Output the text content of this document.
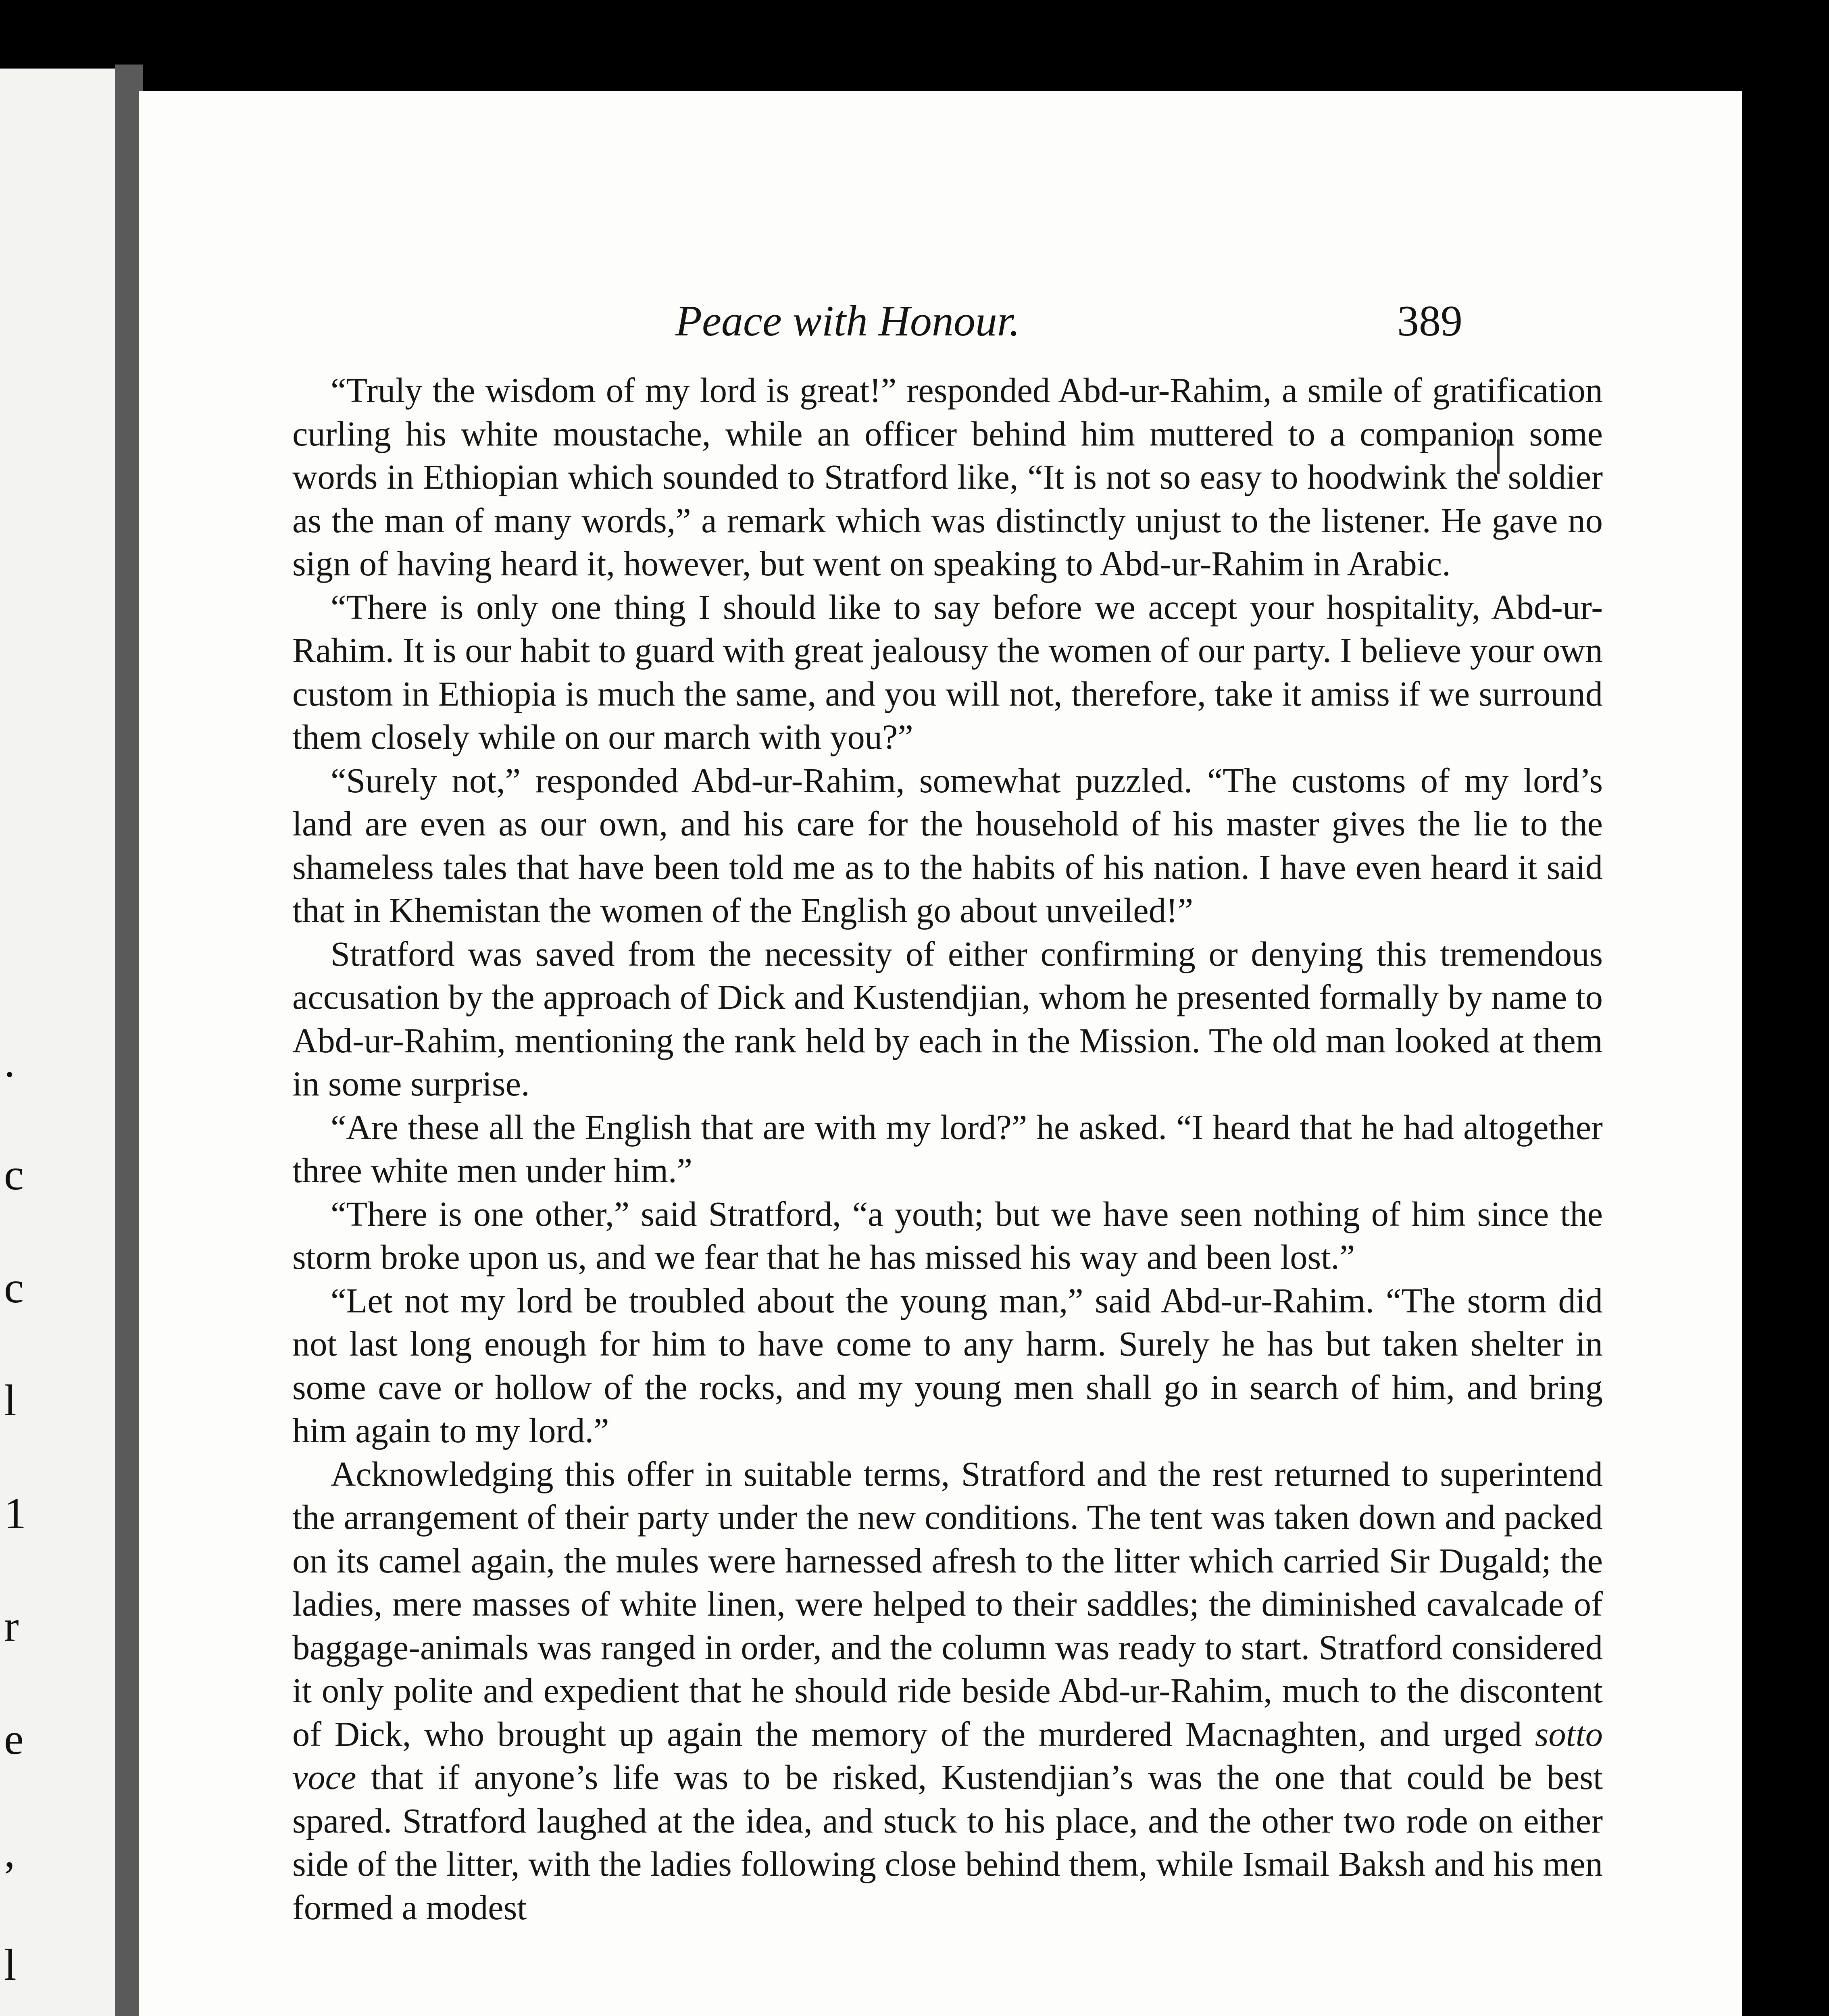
.
c
c
l
1
r
e
,
l
Peace with Honour.	389

“Truly the wisdom of my lord is great!” responded Abd-ur-Rahim, a smile of gratification curling his white moustache, while an officer behind him muttered to a companion some words in Ethiopian which sounded to Stratford like, “It is not so easy to hoodwink the soldier as the man of many words,” a remark which was distinctly unjust to the listener. He gave no sign of having heard it, however, but went on speaking to Abd-ur-Rahim in Arabic.

“There is only one thing I should like to say before we accept your hospitality, Abd-ur-Rahim. It is our habit to guard with great jealousy the women of our party. I believe your own custom in Ethiopia is much the same, and you will not, therefore, take it amiss if we surround them closely while on our march with you?”

“Surely not,” responded Abd-ur-Rahim, somewhat puzzled. “The customs of my lord’s land are even as our own, and his care for the household of his master gives the lie to the shameless tales that have been told me as to the habits of his nation. I have even heard it said that in Khemistan the women of the English go about unveiled!”

Stratford was saved from the necessity of either confirming or denying this tremendous accusation by the approach of Dick and Kustendjian, whom he presented formally by name to Abd-ur-Rahim, mentioning the rank held by each in the Mission. The old man looked at them in some surprise.

“Are these all the English that are with my lord?” he asked. “I heard that he had altogether three white men under him.”

“There is one other,” said Stratford, “a youth; but we have seen nothing of him since the storm broke upon us, and we fear that he has missed his way and been lost.”

“Let not my lord be troubled about the young man,” said Abd-ur-Rahim. “The storm did not last long enough for him to have come to any harm. Surely he has but taken shelter in some cave or hollow of the rocks, and my young men shall go in search of him, and bring him again to my lord.”

Acknowledging this offer in suitable terms, Stratford and the rest returned to superintend the arrangement of their party under the new conditions. The tent was taken down and packed on its camel again, the mules were harnessed afresh to the litter which carried Sir Dugald; the ladies, mere masses of white linen, were helped to their saddles; the diminished cavalcade of baggage-animals was ranged in order, and the column was ready to start. Stratford considered it only polite and expedient that he should ride beside Abd-ur-Rahim, much to the discontent of Dick, who brought up again the memory of the murdered Macnaghten, and urged sotto voce that if anyone’s life was to be risked, Kustendjian’s was the one that could be best spared. Stratford laughed at the idea, and stuck to his place, and the other two rode on either side of the litter, with the ladies following close behind them, while Ismail Baksh and his men formed a modest
